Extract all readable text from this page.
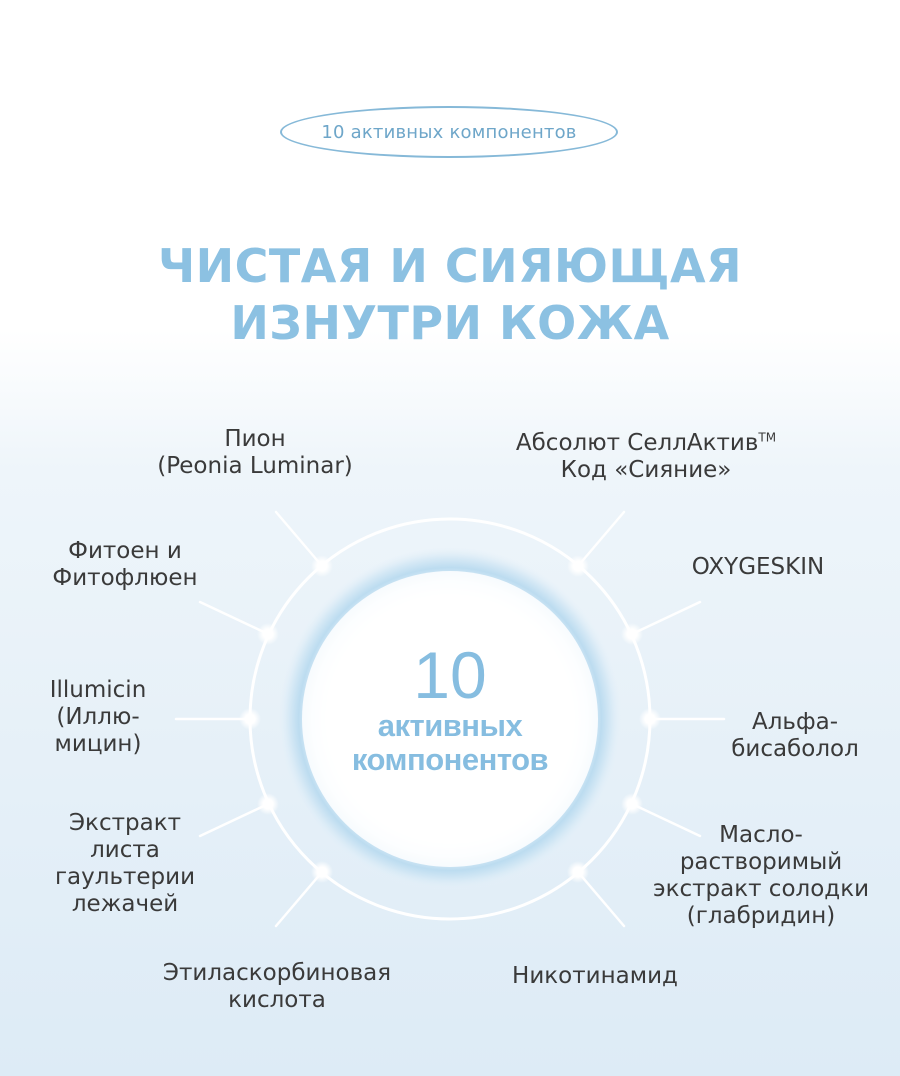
10 активных компонентов
ЧИСТАЯ И СИЯЮЩАЯ
ИЗНУТРИ КОЖА
10
активных
компонентов
Пион
(Peonia Luminar)
Абсолют СеллАктив™
Код «Сияние»
Фитоен и
Фитофлюен	OXYGESKIN
Illumicin
(Иллю-
мицин)
Альфа-
бисаболол
Экстракт
листа
гаультерии
лежачей
Масло-
растворимый
экстракт солодки
(глабридин)
Этиласкорбиновая
кислота
Никотинамид
